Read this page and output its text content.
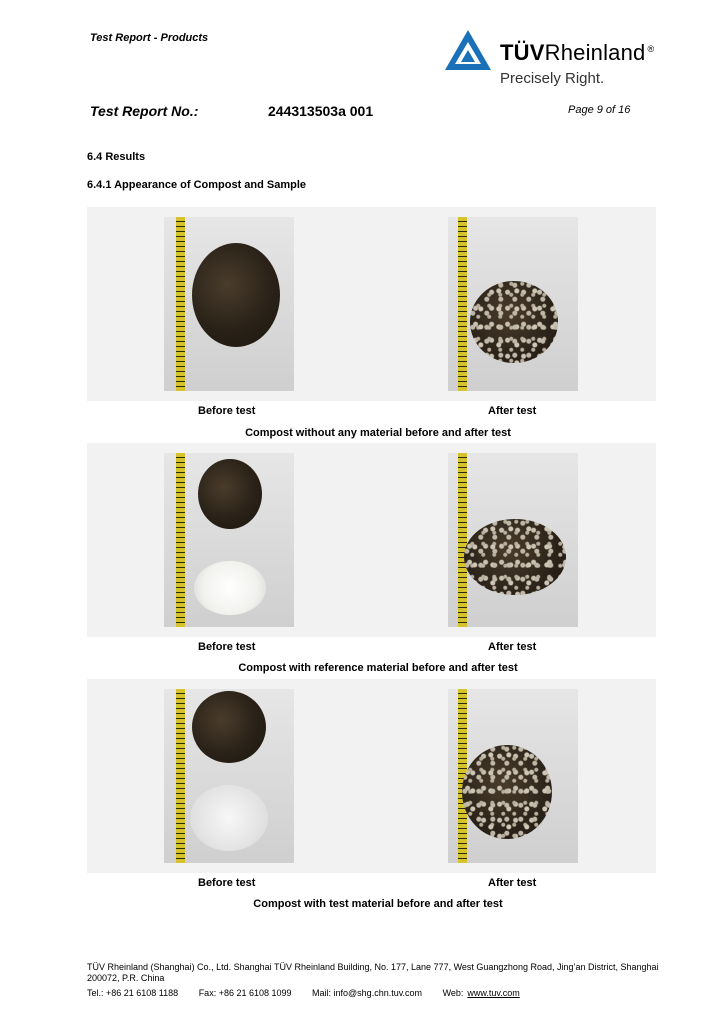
Test Report - Products
TÜVRheinland ®
Precisely Right.
Test Report No.:	244313503a 001	Page 9 of 16
6.4 Results
6.4.1 Appearance of Compost and Sample
Before test	After test
Compost without any material before and after test
Before test	After test
Compost with reference material before and after test
Before test	After test
Compost with test material before and after test
TÜV Rheinland (Shanghai) Co., Ltd. Shanghai TÜV Rheinland Building, No. 177, Lane 777, West Guangzhong Road, Jing’an District, Shanghai 200072, P.R. China
Tel.: +86 21 6108 1188 Fax: +86 21 6108 1099 Mail: info@shg.chn.tuv.com Web: www.tuv.com
